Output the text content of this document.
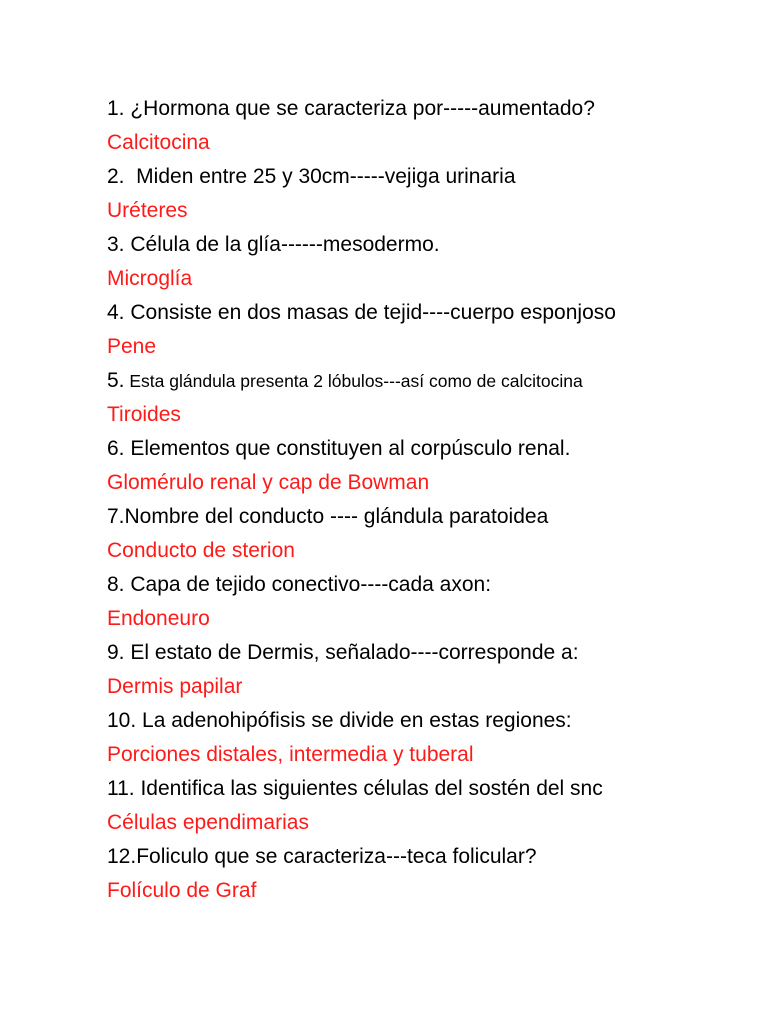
1. ¿Hormona que se caracteriza por-----aumentado?
Calcitocina
2.  Miden entre 25 y 30cm-----vejiga urinaria
Uréteres
3. Célula de la glía------mesodermo.
Microglía
4. Consiste en dos masas de tejid----cuerpo esponjoso
Pene
5. Esta glándula presenta 2 lóbulos---así como de calcitocina
Tiroides
6. Elementos que constituyen al corpúsculo renal.
Glomérulo renal y cap de Bowman
7.Nombre del conducto ---- glándula paratoidea
Conducto de sterion
8. Capa de tejido conectivo----cada axon:
Endoneuro
9. El estato de Dermis, señalado----corresponde a:
Dermis papilar
10. La adenohipófisis se divide en estas regiones:
Porciones distales, intermedia y tuberal
11. Identifica las siguientes células del sostén del snc
Células ependimarias
12.Foliculo que se caracteriza---teca folicular?
Folículo de Graf
